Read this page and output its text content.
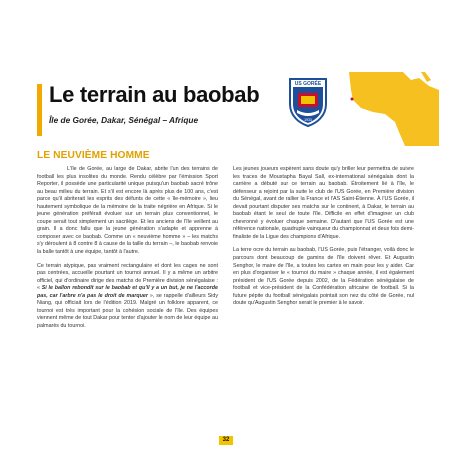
Le terrain au baobab
Île de Gorée, Dakar, Sénégal – Afrique
US GORÉE
1933
LE NEUVIÈME HOMME

L'île de Gorée, au large de Dakar, abrite l'un des terrains de football les plus insolites du monde. Rendu célèbre par l'émission Sport Reporter, il possède une particularité unique puisqu'un baobab sacré trône au beau milieu du terrain. Et s'il est encore là après plus de 100 ans, c'est parce qu'il abriterait les esprits des défunts de cette « île-mémoire », lieu hautement symbolique de la mémoire de la traite négrière en Afrique. Si le jeune génération préférait évoluer sur un terrain plus conventionnel, le coupe serait tout simplement un sacrilège. Et les anciens de l'île veillent au grain. Il a donc fallu que la jeune génération s'adapte et apprenne à composer avec ce baobab. Comme un « neuvième homme » – les matchs s'y déroulent à 8 contre 8 à cause de la taille du terrain –, le baobab renvoie la balle tantôt à une équipe, tantôt à l'autre.

Ce terrain atypique, pas vraiment rectangulaire et dont les cages ne sont pas centrées, accueille pourtant un tournoi annuel. Il y a même un arbitre officiel, qui d'ordinaire dirige des matchs de Première division sénégalaise : « Si le ballon rebondit sur le baobab et qu'il y a un but, je ne l'accorde pas, car l'arbre n'a pas le droit de marquer », se rappelle d'ailleurs Sidy Niang, qui officiait lors de l'édition 2019. Malgré un folklore apparent, ce tournoi est très important pour la cohésion sociale de l'île. Des équipes viennent même de tout Dakar pour tenter d'ajouter le nom de leur équipe au palmarès du tournoi.

Les jeunes joueurs espèrent sans doute qu'y briller leur permettra de suivre les traces de Moustapha Bayal Sall, ex-international sénégalais dont la carrière a débuté sur ce terrain au baobab. Étroitement lié à l'île, le défenseur a rejoint par la suite le club de l'US Gorée, en Première division du Sénégal, avant de rallier la France et l'AS Saint-Étienne. À l'US Gorée, il devait pourtant disputer ses matchs sur le continent, à Dakar, le terrain au baobab étant le seul de toute l'île. Difficile en effet d'imaginer un club chevronné y évoluer chaque semaine. D'autant que l'US Gorée est une référence nationale, quadruple vainqueur du championnat et deux fois demi-finaliste de la Ligue des champions d'Afrique.

La terre ocre du terrain au baobab, l'US Gorée, puis l'étranger, voilà donc le parcours dont beaucoup de gamins de l'île doivent rêver. Et Augustin Senghor, le maire de l'île, a toutes les cartes en main pour les y aider. Car en plus d'organiser le « tournoi du maire » chaque année, il est également président de l'US Gorée depuis 2002, de la Fédération sénégalaise de football et vice-président de la Confédération africaine de football. Si la future pépite du football sénégalais pointait son nez du côté de Gorée, nul doute qu'Augustin Senghor serait le premier à le savoir.

32
